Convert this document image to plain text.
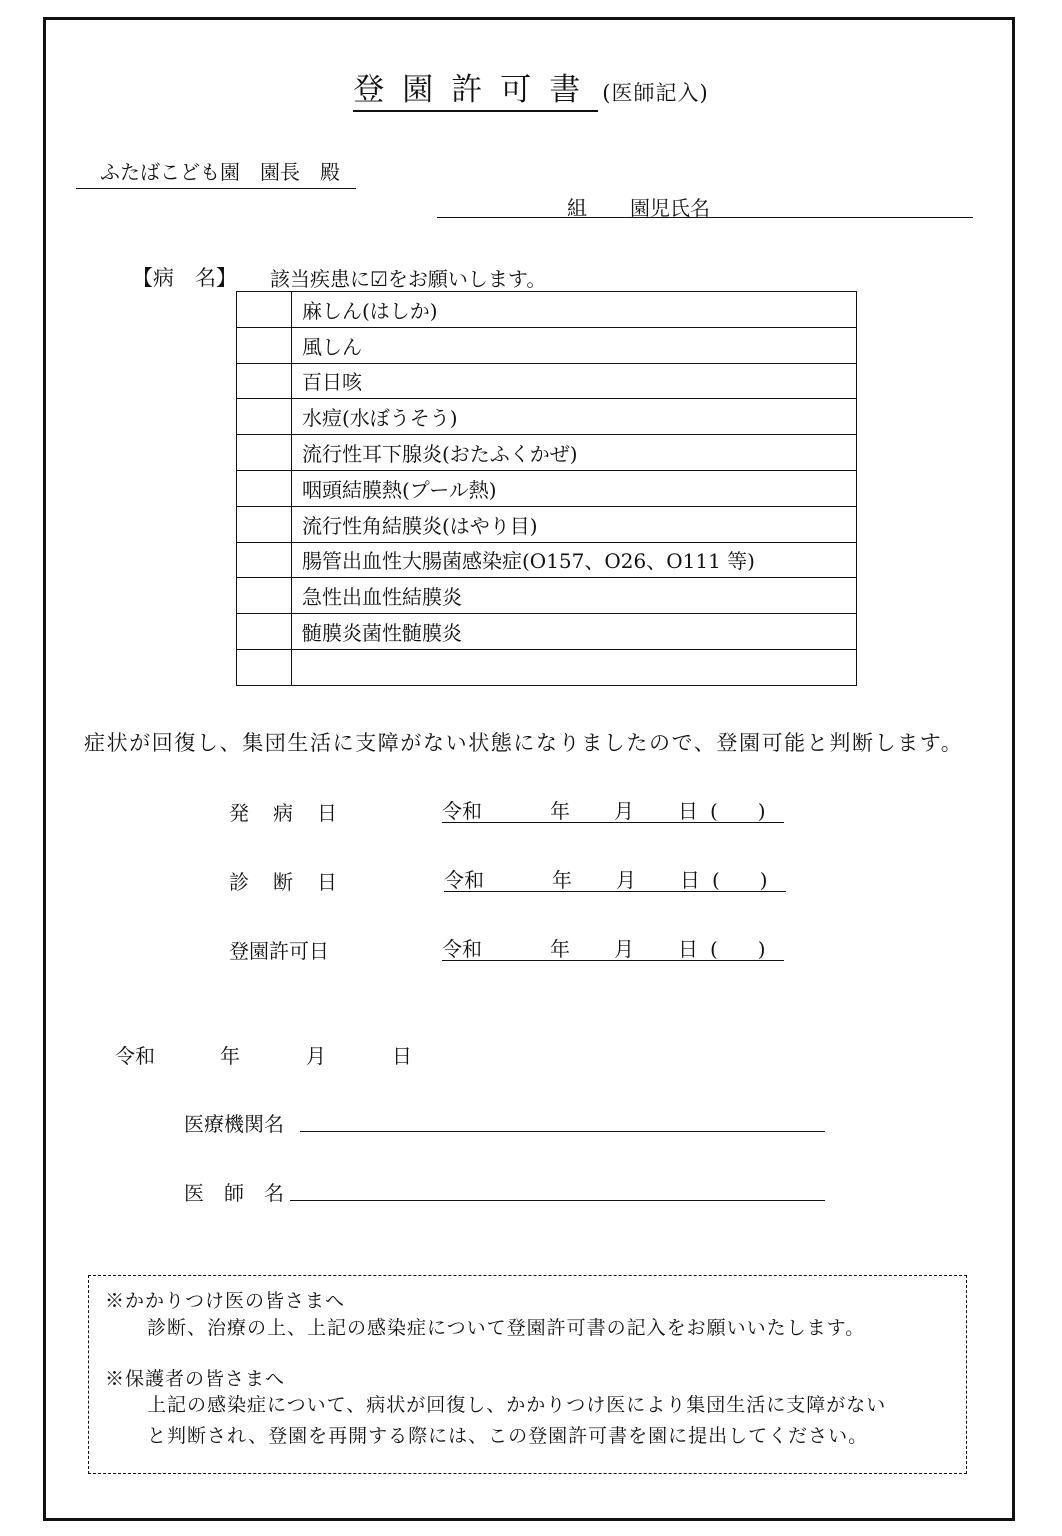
登園許可書 (医師記入)
ふたばこども園　園長　殿
組 園児氏名
【病　名】 該当疾患に☑をお願いします。
	麻しん(はしか)
	風しん
	百日咳
	水痘(水ぼうそう)
	流行性耳下腺炎(おたふくかぜ)
	咽頭結膜熱(プール熱)
	流行性角結膜炎(はやり目)
	腸管出血性大腸菌感染症(O157、O26、O111 等)
	急性出血性結膜炎
	髄膜炎菌性髄膜炎

症状が回復し、集団生活に支障がない状態になりましたので、登園可能と判断します。
発　病　日	令和	年 月 日 (　　)
診　断　日	令和	年 月 日 (　　)
登園許可日	令和	年 月 日 (　　)
令和	年	月	日
医療機関名
医　師　名
※かかりつけ医の皆さまへ
診断、治療の上、上記の感染症について登園許可書の記入をお願いいたします。
※保護者の皆さまへ
上記の感染症について、病状が回復し、かかりつけ医により集団生活に支障がない
と判断され、登園を再開する際には、この登園許可書を園に提出してください。
